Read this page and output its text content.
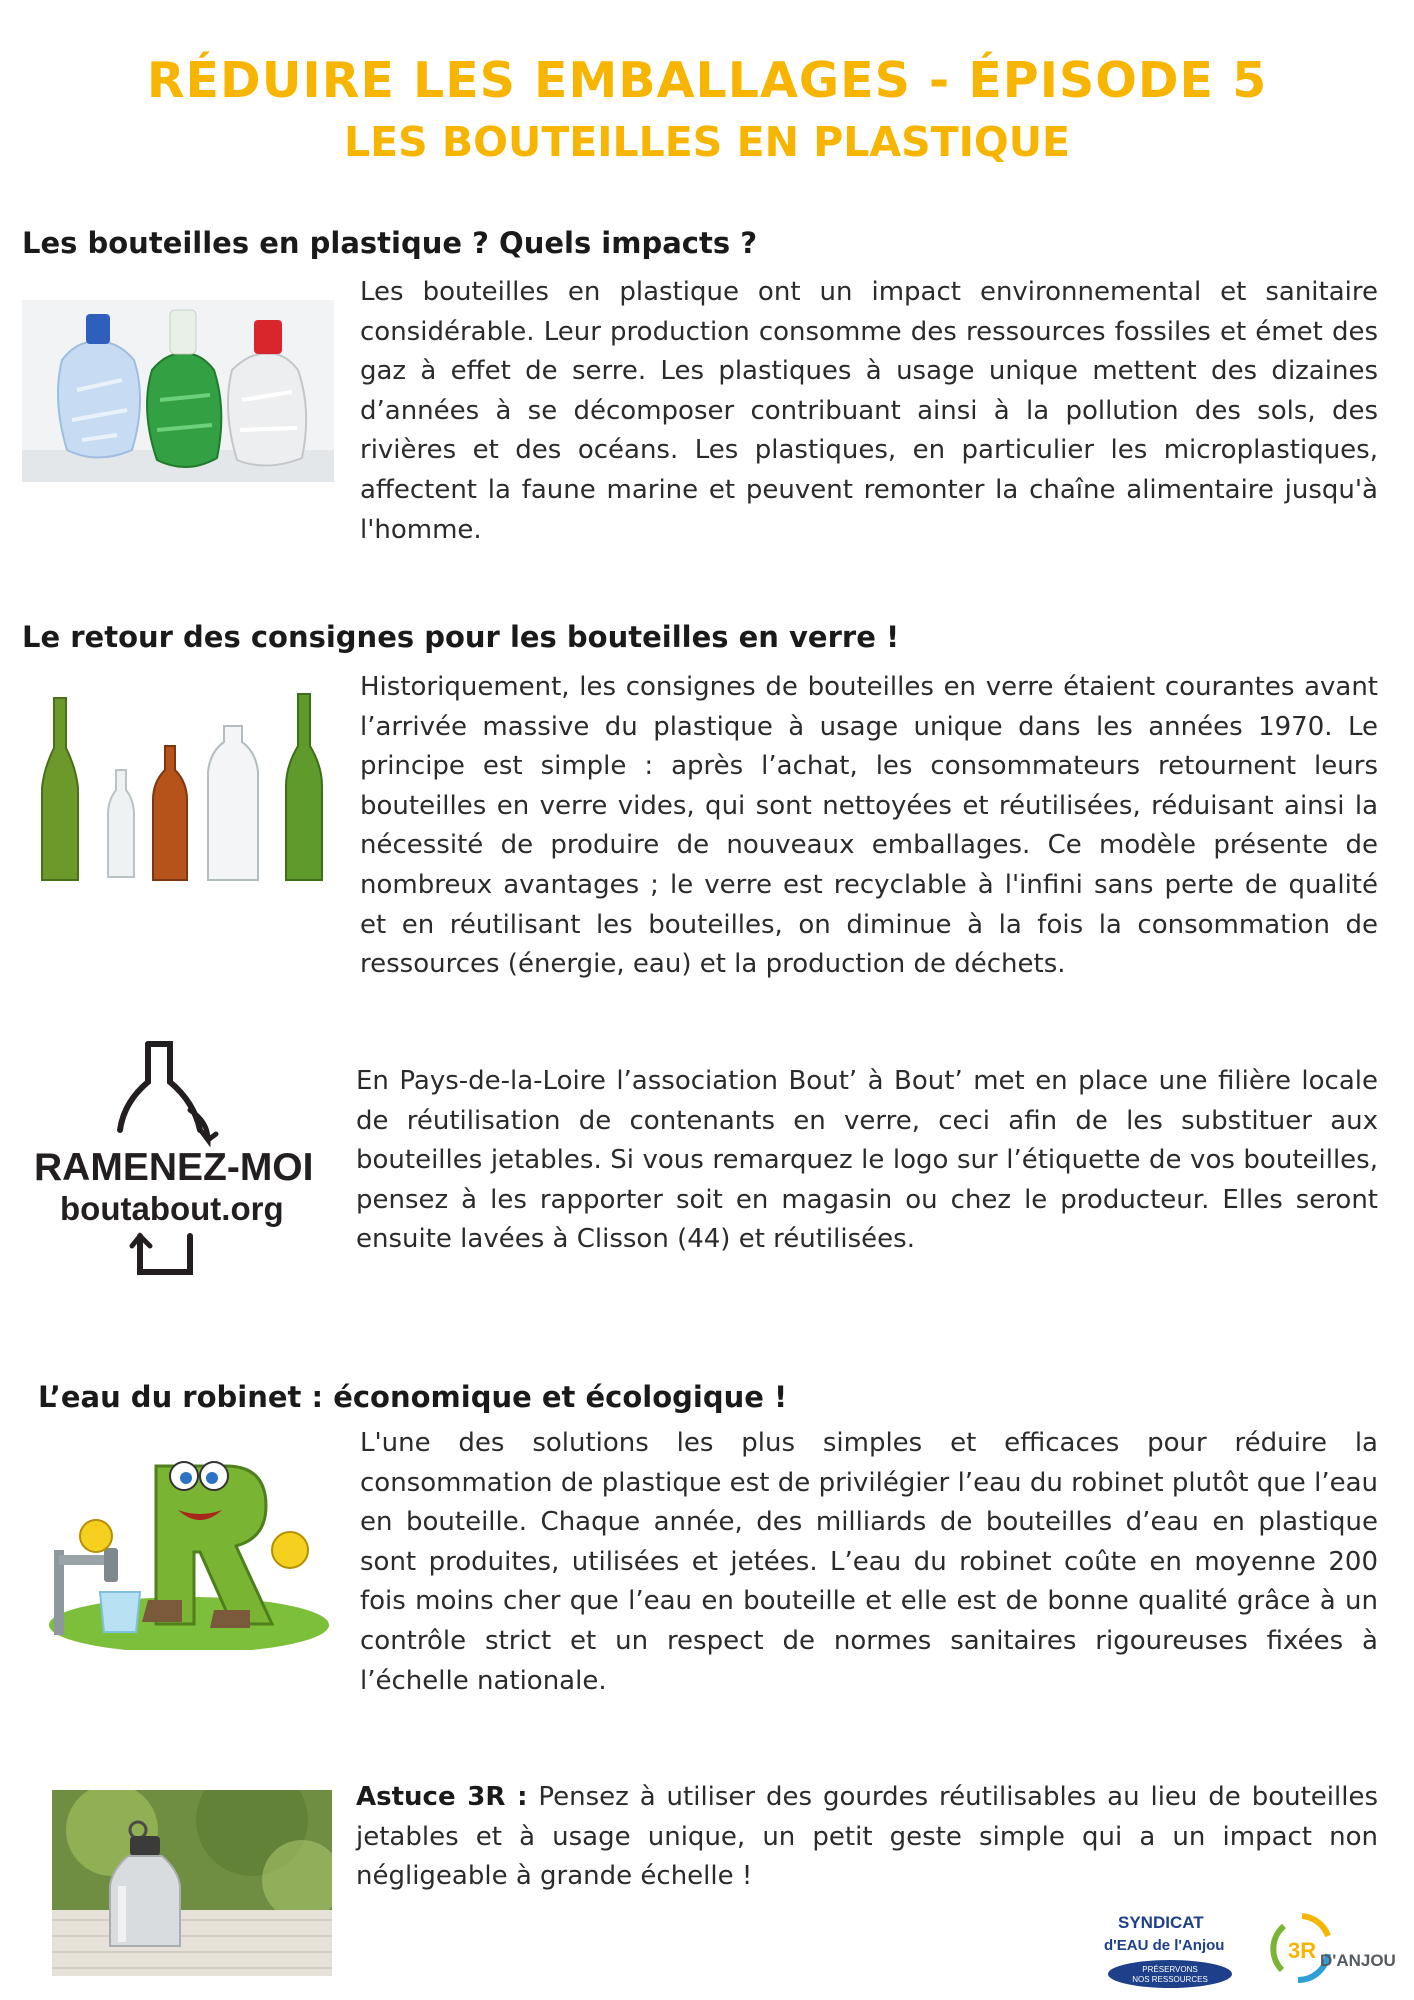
RÉDUIRE LES EMBALLAGES - ÉPISODE 5
LES BOUTEILLES EN PLASTIQUE
Les bouteilles en plastique ? Quels impacts ?

Les bouteilles en plastique ont un impact environnemental et sanitaire considérable. Leur production consomme des ressources fossiles et émet des gaz à effet de serre. Les plastiques à usage unique mettent des dizaines d’années à se décomposer contribuant ainsi à la pollution des sols, des rivières et des océans. Les plastiques, en particulier les microplastiques, affectent la faune marine et peuvent remonter la chaîne alimentaire jusqu'à l'homme.

Le retour des consignes pour les bouteilles en verre !

Historiquement, les consignes de bouteilles en verre étaient courantes avant l’arrivée massive du plastique à usage unique dans les années 1970. Le principe est simple : après l’achat, les consommateurs retournent leurs bouteilles en verre vides, qui sont nettoyées et réutilisées, réduisant ainsi la nécessité de produire de nouveaux emballages. Ce modèle présente de nombreux avantages ; le verre est recyclable à l'infini sans perte de qualité et en réutilisant les bouteilles, on diminue à la fois la consommation de ressources (énergie, eau) et la production de déchets.

RAMENEZ-MOI
boutabout.org

En Pays-de-la-Loire l’association Bout’ à Bout’ met en place une filière locale de réutilisation de contenants en verre, ceci afin de les substituer aux bouteilles jetables. Si vous remarquez le logo sur l’étiquette de vos bouteilles, pensez à les rapporter soit en magasin ou chez le producteur. Elles seront ensuite lavées à Clisson (44) et réutilisées.

L’eau du robinet : économique et écologique !

L'une des solutions les plus simples et efficaces pour réduire la consommation de plastique est de privilégier l’eau du robinet plutôt que l’eau en bouteille. Chaque année, des milliards de bouteilles d’eau en plastique sont produites, utilisées et jetées. L’eau du robinet coûte en moyenne 200 fois moins cher que l’eau en bouteille et elle est de bonne qualité grâce à un contrôle strict et un respect de normes sanitaires rigoureuses fixées à l’échelle nationale.

Astuce 3R : Pensez à utiliser des gourdes réutilisables au lieu de bouteilles jetables et à usage unique, un petit geste simple qui a un impact non négligeable à grande échelle !

SYNDICAT
d'EAU de l'Anjou
PRÉSERVONS
NOS RESSOURCES
3R D'ANJOU
